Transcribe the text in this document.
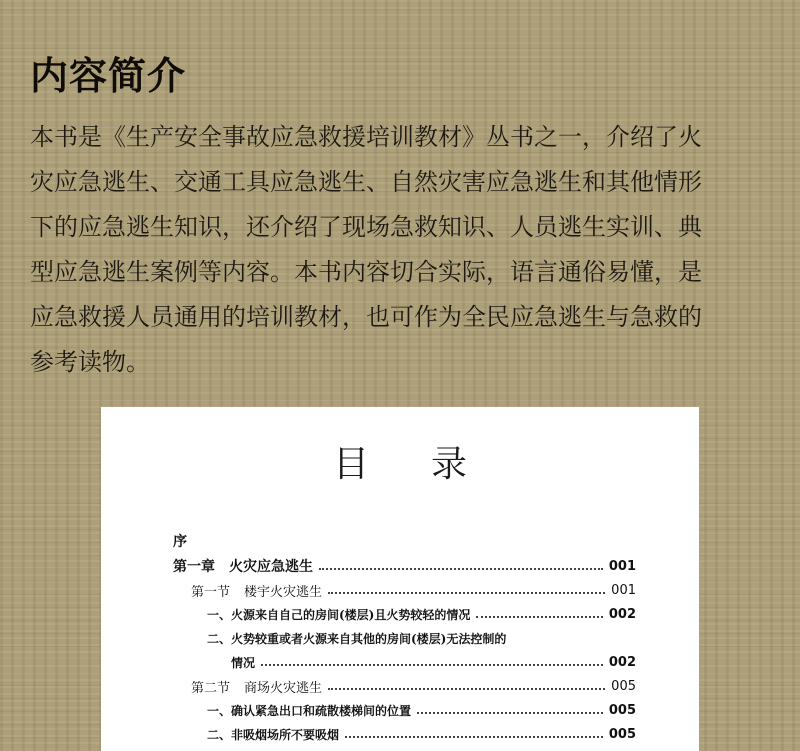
内容简介
本书是《生产安全事故应急救援培训教材》丛书之一，介绍了火
灾应急逃生、交通工具应急逃生、自然灾害应急逃生和其他情形
下的应急逃生知识，还介绍了现场急救知识、人员逃生实训、典
型应急逃生案例等内容。本书内容切合实际，语言通俗易懂，是
应急救援人员通用的培训教材，也可作为全民应急逃生与急救的
参考读物。
目录
序
第一章 火灾应急逃生	001
第一节 楼宇火灾逃生	001
一、火源来自自己的房间(楼层)且火势较轻的情况	002
二、火势较重或者火源来自其他的房间(楼层)无法控制的
情况	002
第二节 商场火灾逃生	005
一、确认紧急出口和疏散楼梯间的位置	005
二、非吸烟场所不要吸烟	005
